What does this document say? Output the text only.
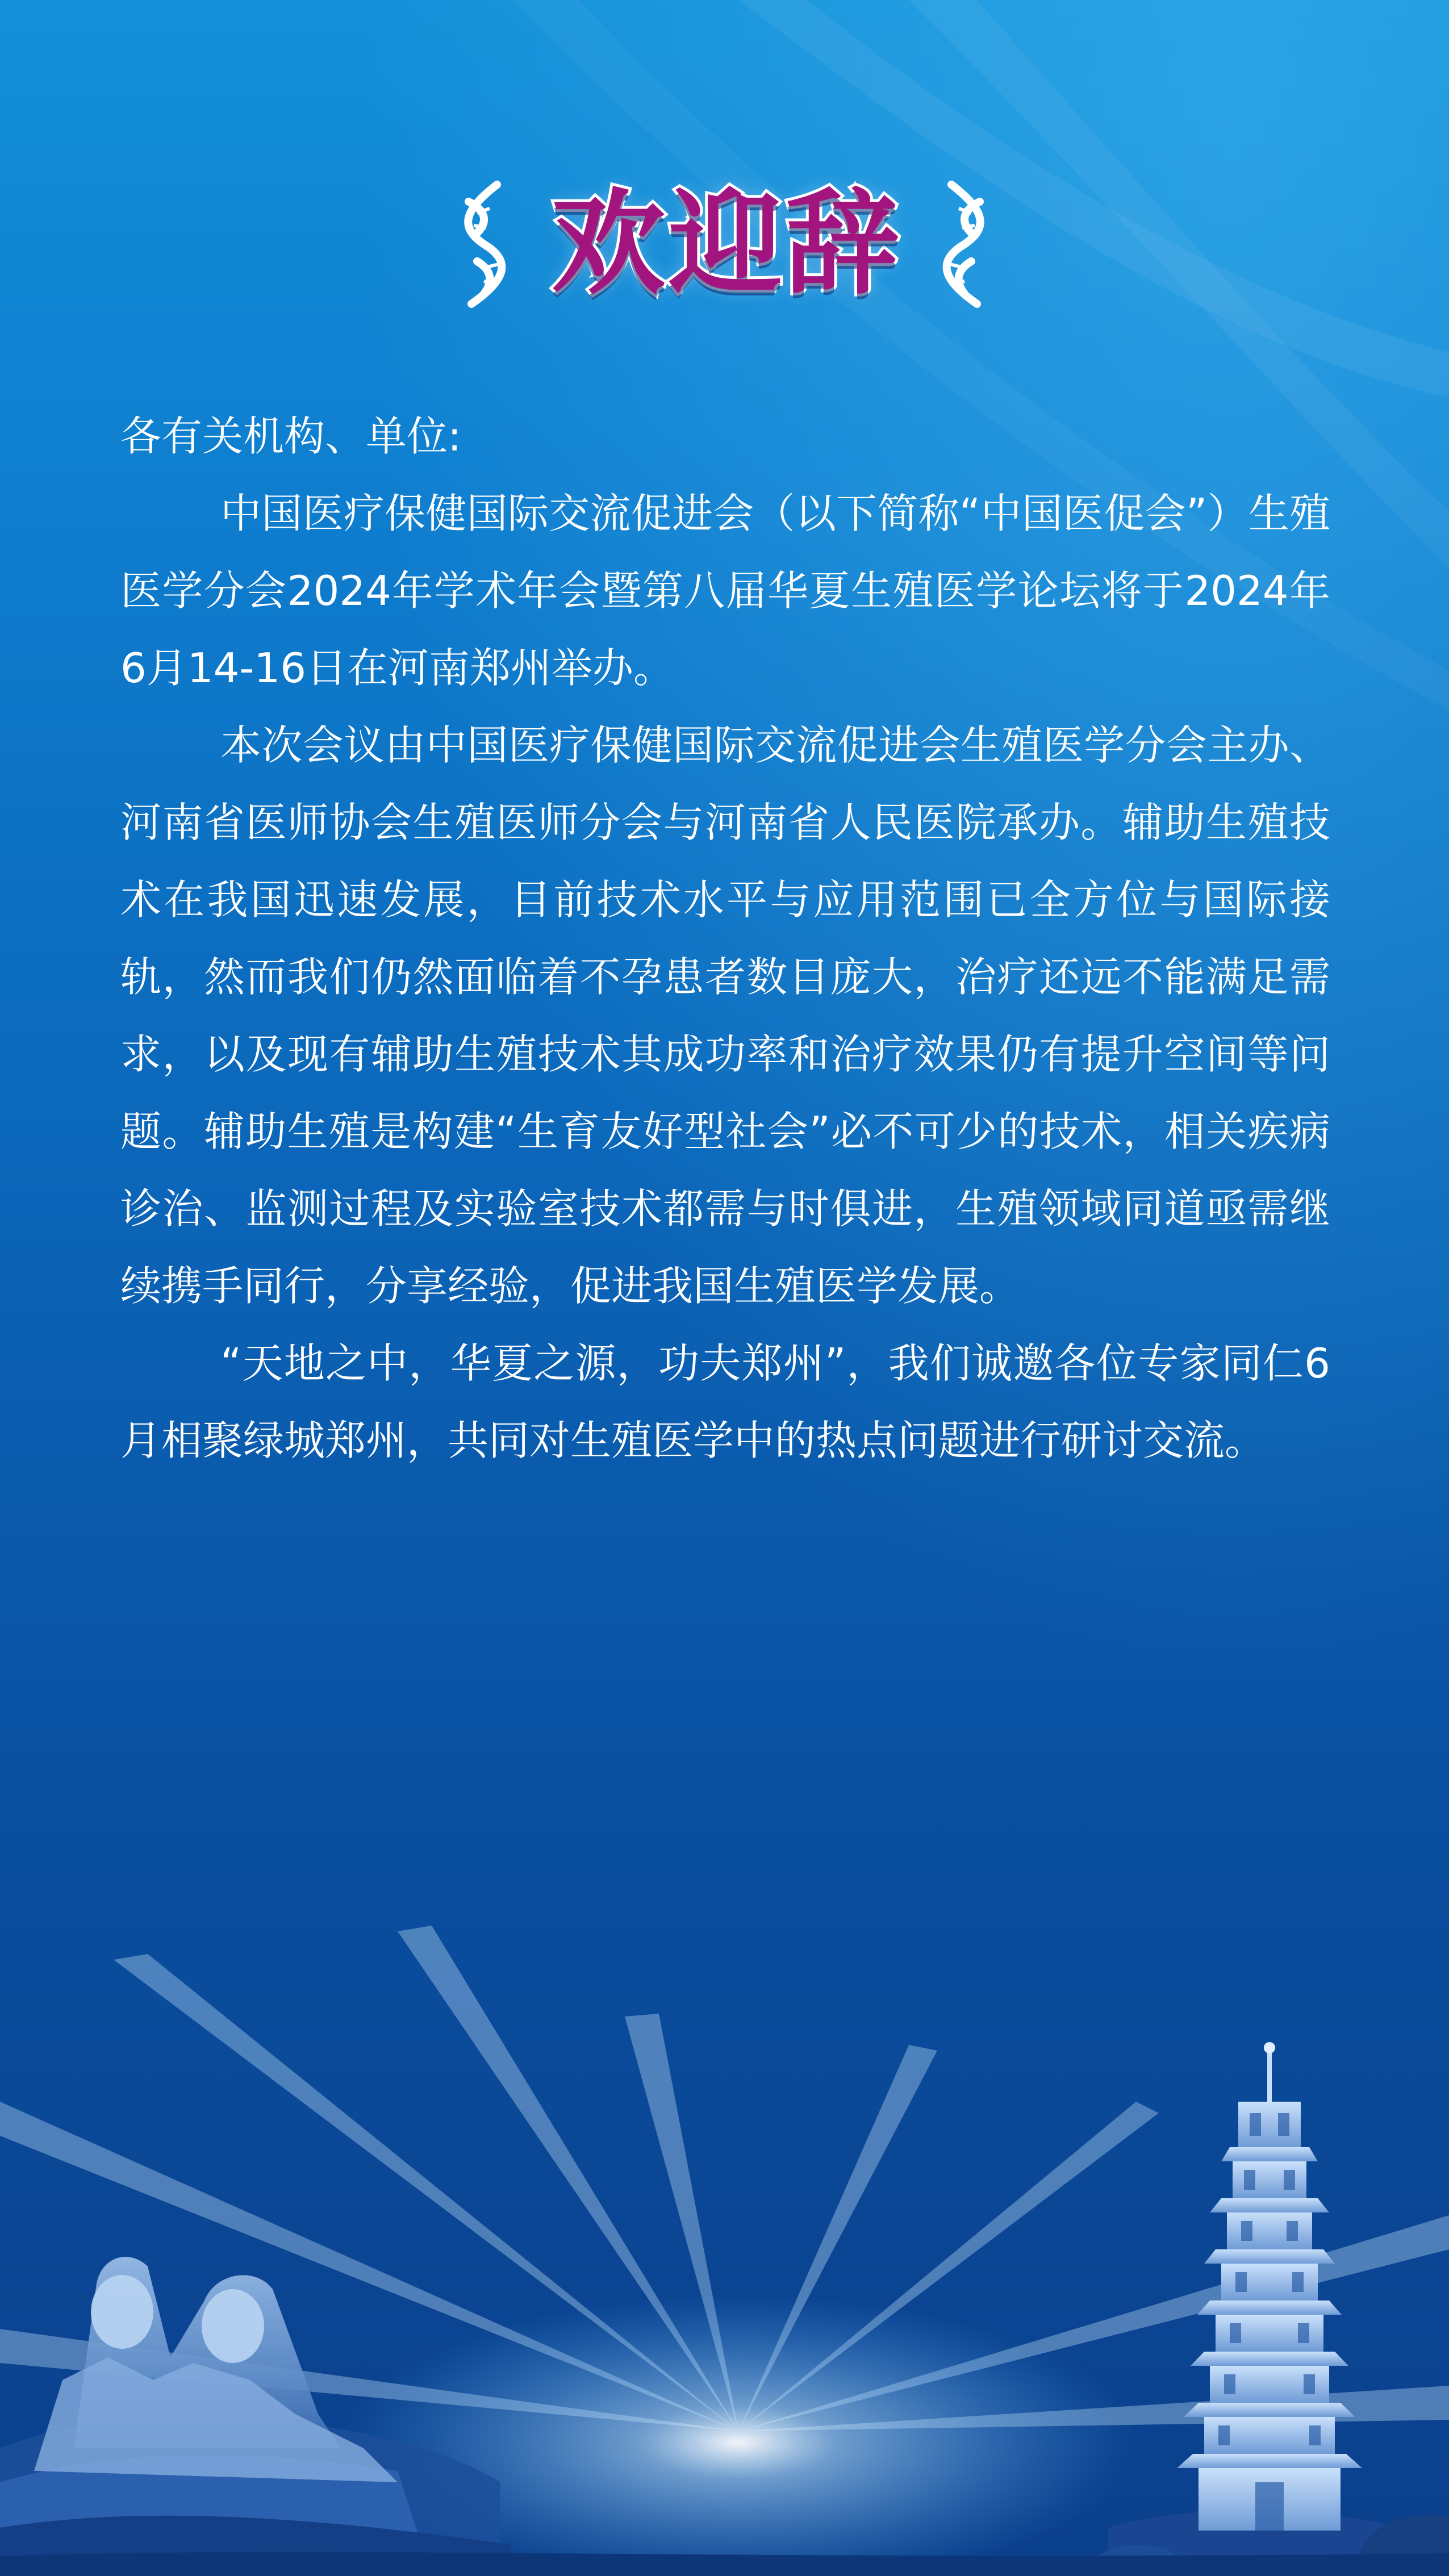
欢迎辞

各有关机构、单位:

中国医疗保健国际交流促进会（以下简称“中国医促会”）生殖医学分会2024年学术年会暨第八届华夏生殖医学论坛将于2024年6月14-16日在河南郑州举办。

本次会议由中国医疗保健国际交流促进会生殖医学分会主办、河南省医师协会生殖医师分会与河南省人民医院承办。辅助生殖技术在我国迅速发展，目前技术水平与应用范围已全方位与国际接轨，然而我们仍然面临着不孕患者数目庞大，治疗还远不能满足需求，以及现有辅助生殖技术其成功率和治疗效果仍有提升空间等问题。辅助生殖是构建“生育友好型社会”必不可少的技术，相关疾病诊治、监测过程及实验室技术都需与时俱进，生殖领域同道亟需继续携手同行，分享经验，促进我国生殖医学发展。

“天地之中，华夏之源，功夫郑州”，我们诚邀各位专家同仁6月相聚绿城郑州，共同对生殖医学中的热点问题进行研讨交流。
